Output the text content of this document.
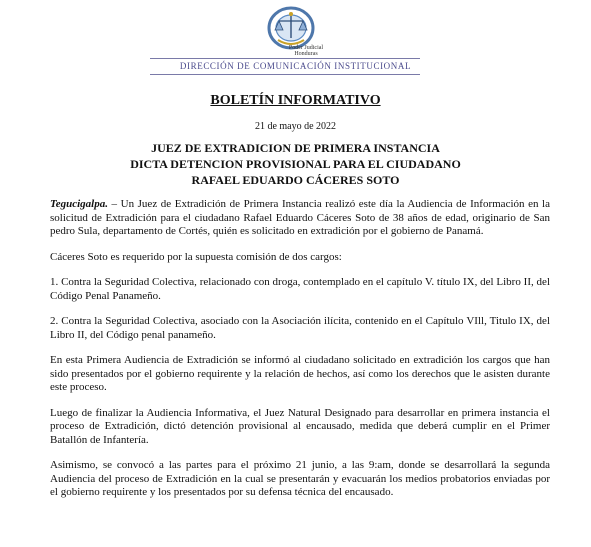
Poder Judicial
Honduras
DIRECCIÓN DE COMUNICACIÓN INSTITUCIONAL
BOLETÍN INFORMATIVO
21 de mayo de 2022
JUEZ DE EXTRADICION DE PRIMERA INSTANCIA
DICTA DETENCION PROVISIONAL PARA EL CIUDADANO
RAFAEL EDUARDO CÁCERES SOTO

Tegucigalpa. – Un Juez de Extradición de Primera Instancia realizó este día la Audiencia de Información en la solicitud de Extradición para el ciudadano Rafael Eduardo Cáceres Soto de 38 años de edad, originario de San pedro Sula, departamento de Cortés, quién es solicitado en extradición por el gobierno de Panamá.

Cáceres Soto es requerido por la supuesta comisión de dos cargos:

1. Contra la Seguridad Colectiva, relacionado con droga, contemplado en el capítulo V. título IX, del Libro II, del Código Penal Panameño.

2. Contra la Seguridad Colectiva, asociado con la Asociación ilícita, contenido en el Capítulo VIll, Titulo IX, del Libro II, del Código penal panameño.

En esta Primera Audiencia de Extradición se informó al ciudadano solicitado en extradición los cargos que han sido presentados por el gobierno requirente y la relación de hechos, así como los derechos que le asisten durante este proceso.

Luego de finalizar la Audiencia Informativa, el Juez Natural Designado para desarrollar en primera instancia el proceso de Extradición, dictó detención provisional al encausado, medida que deberá cumplir en el Primer Batallón de Infantería.

Asimismo, se convocó a las partes para el próximo 21 junio, a las 9:am, donde se desarrollará la segunda Audiencia del proceso de Extradición en la cual se presentarán y evacuarán los medios probatorios enviadas por el gobierno requirente y los presentados por su defensa técnica del encausado.
